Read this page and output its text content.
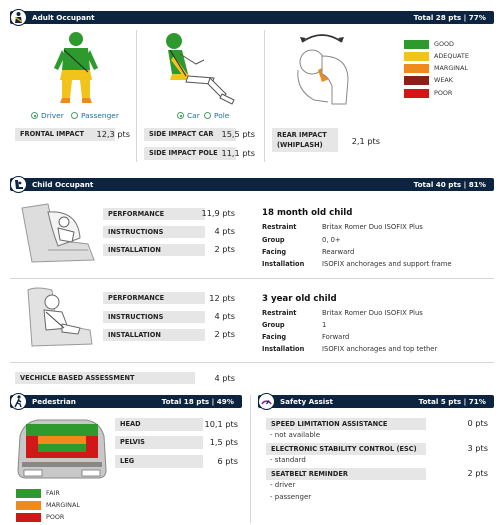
Adult Occupant	Total 28 pts | 77%
Driver Passenger
FRONTAL IMPACT	12,3 pts
Car Pole
SIDE IMPACT CAR 15,5 pts
SIDE IMPACT POLE 11,1 pts
REAR IMPACT
(WHIPLASH)	2,1 pts
GOOD
ADEQUATE
MARGINAL
WEAK
POOR
Child Occupant	Total 40 pts | 81%
PERFORMANCE	11,9 pts
INSTRUCTIONS	4 pts
INSTALLATION	2 pts
18 month old child
Restraint	Britax Romer Duo ISOFIX Plus
Group	0, 0+
Facing	Rearward
Installation	ISOFIX anchorages and support frame
PERFORMANCE	12 pts
INSTRUCTIONS	4 pts
INSTALLATION	2 pts
3 year old child
Restraint	Britax Romer Duo ISOFIX Plus
Group	1
Facing	Forward
Installation	ISOFIX anchorages and top tether
VECHICLE BASED ASSESSMENT	4 pts
Pedestrian	Total 18 pts | 49%
HEAD	10,1 pts
PELVIS	1,5 pts
LEG	6 pts
FAIR
MARGINAL
POOR
Safety Assist	Total 5 pts | 71%
SPEED LIMITATION ASSISTANCE	0 pts
- not available
ELECTRONIC STABILITY CONTROL (ESC)	3 pts
- standard
SEATBELT REMINDER	2 pts
- driver
- passenger
